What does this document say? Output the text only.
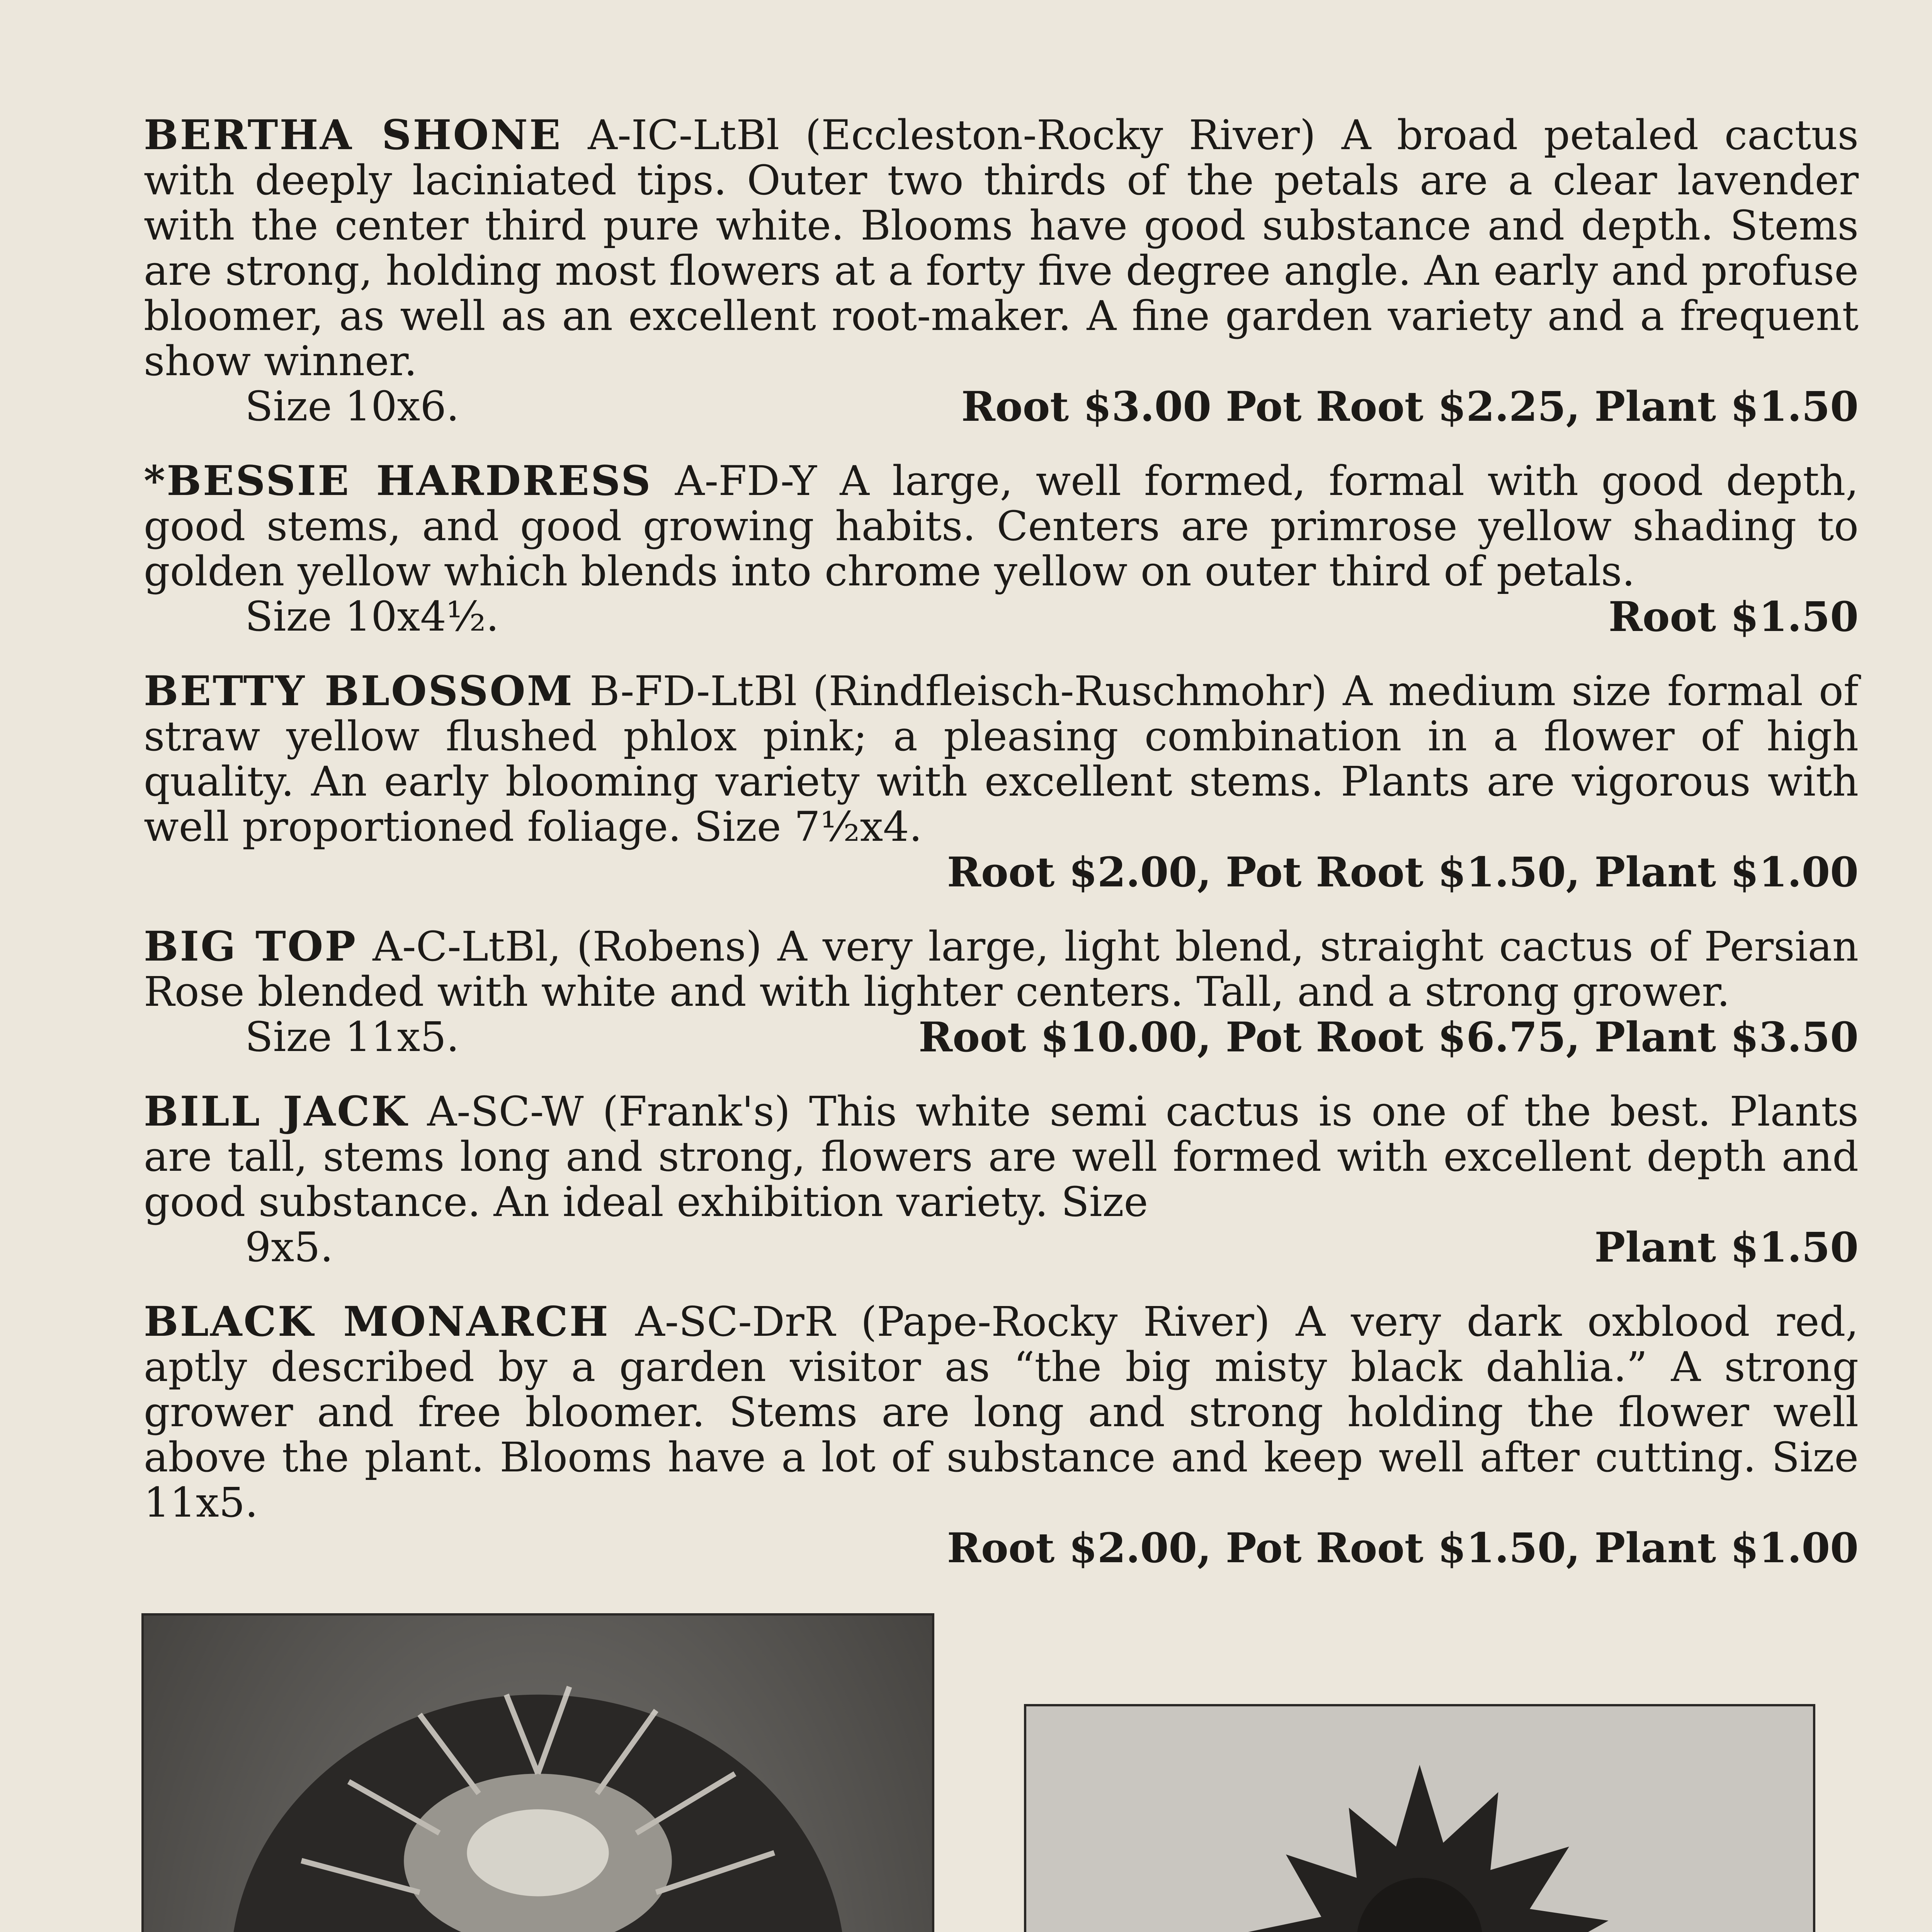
BERTHA SHONE A-IC-LtBl (Eccleston-Rocky River) A broad petaled cactus with deeply laciniated tips. Outer two thirds of the petals are a clear lavender with the center third pure white. Blooms have good substance and depth. Stems are strong, holding most flowers at a forty five degree angle. An early and profuse bloomer, as well as an excellent root-maker. A fine garden variety and a frequent show winner.
Size 10x6.	Root $3.00 Pot Root $2.25, Plant $1.50
*BESSIE HARDRESS A-FD-Y A large, well formed, formal with good depth, good stems, and good growing habits. Centers are primrose yellow shading to golden yellow which blends into chrome yellow on outer third of petals.
Size 10x4½.	Root $1.50
BETTY BLOSSOM B-FD-LtBl (Rindfleisch-Ruschmohr) A medium size formal of straw yellow flushed phlox pink; a pleasing combination in a flower of high quality. An early blooming variety with excellent stems. Plants are vigorous with well proportioned foliage. Size 7½x4.
Root $2.00, Pot Root $1.50, Plant $1.00
BIG TOP A-C-LtBl, (Robens) A very large, light blend, straight cactus of Persian Rose blended with white and with lighter centers. Tall, and a strong grower.
Size 11x5.	Root $10.00, Pot Root $6.75, Plant $3.50
BILL JACK A-SC-W (Frank's) This white semi cactus is one of the best. Plants are tall, stems long and strong, flowers are well formed with excellent depth and good substance. An ideal exhibition variety. Size
9x5.	Plant $1.50
BLACK MONARCH A-SC-DrR (Pape-Rocky River) A very dark oxblood red, aptly described by a garden visitor as “the big misty black dahlia.” A strong grower and free bloomer. Stems are long and strong holding the flower well above the plant. Blooms have a lot of substance and keep well after cutting. Size 11x5.
Root $2.00, Pot Root $1.50, Plant $1.00
